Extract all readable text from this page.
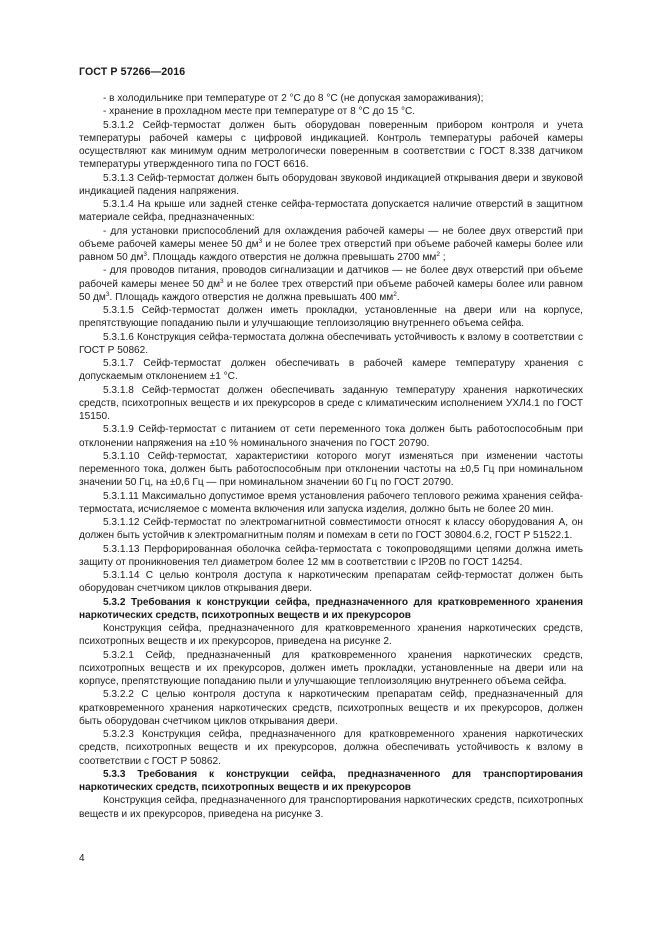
ГОСТ Р 57266—2016

- в холодильнике при температуре от 2 °С до 8 °С (не допуская замораживания);

- хранение в прохладном месте при температуре от 8 °С до 15 °С.

5.3.1.2 Сейф-термостат должен быть оборудован поверенным прибором контроля и учета температуры рабочей камеры с цифровой индикацией. Контроль температуры рабочей камеры осуществляют как минимум одним метрологически поверенным в соответствии с ГОСТ 8.338 датчиком температуры утвержденного типа по ГОСТ 6616.

5.3.1.3 Сейф-термостат должен быть оборудован звуковой индикацией открывания двери и звуковой индикацией падения напряжения.

5.3.1.4 На крыше или задней стенке сейфа-термостата допускается наличие отверстий в защитном материале сейфа, предназначенных:

- для установки приспособлений для охлаждения рабочей камеры — не более двух отверстий при объеме рабочей камеры менее 50 $дм^3$ и не более трех отверстий при объеме рабочей камеры более или равном 50 $дм^3$. Площадь каждого отверстия не должна превышать 2700 $мм^2$ ;

- для проводов питания, проводов сигнализации и датчиков — не более двух отверстий при объеме рабочей камеры менее 50 $дм^3$ и не более трех отверстий при объеме рабочей камеры более или равном 50 $дм^3$. Площадь каждого отверстия не должна превышать 400 $мм^2$.

5.3.1.5 Сейф-термостат должен иметь прокладки, установленные на двери или на корпусе, препятствующие попаданию пыли и улучшающие теплоизоляцию внутреннего объема сейфа.

5.3.1.6 Конструкция сейфа-термостата должна обеспечивать устойчивость к взлому в соответствии с ГОСТ Р 50862.

5.3.1.7 Сейф-термостат должен обеспечивать в рабочей камере температуру хранения с допускаемым отклонением ±1 °С.

5.3.1.8 Сейф-термостат должен обеспечивать заданную температуру хранения наркотических средств, психотропных веществ и их прекурсоров в среде с климатическим исполнением УХЛ4.1 по ГОСТ 15150.

5.3.1.9 Сейф-термостат с питанием от сети переменного тока должен быть работоспособным при отклонении напряжения на ±10 % номинального значения по ГОСТ 20790.

5.3.1.10 Сейф-термостат, характеристики которого могут изменяться при изменении частоты переменного тока, должен быть работоспособным при отклонении частоты на ±0,5 Гц при номинальном значении 50 Гц, на ±0,6 Гц — при номинальном значении 60 Гц по ГОСТ 20790.

5.3.1.11 Максимально допустимое время установления рабочего теплового режима хранения сейфа-термостата, исчисляемое с момента включения или запуска изделия, должно быть не более 20 мин.

5.3.1.12 Сейф-термостат по электромагнитной совместимости относят к классу оборудования А, он должен быть устойчив к электромагнитным полям и помехам в сети по ГОСТ 30804.6.2, ГОСТ Р 51522.1.

5.3.1.13 Перфорированная оболочка сейфа-термостата с токопроводящими цепями должна иметь защиту от проникновения тел диаметром более 12 мм в соответствии с IP20В по ГОСТ 14254.

5.3.1.14 С целью контроля доступа к наркотическим препаратам сейф-термостат должен быть оборудован счетчиком циклов открывания двери.

5.3.2 Требования к конструкции сейфа, предназначенного для кратковременного хранения наркотических средств, психотропных веществ и их прекурсоров

Конструкция сейфа, предназначенного для кратковременного хранения наркотических средств, психотропных веществ и их прекурсоров, приведена на рисунке 2.

5.3.2.1 Сейф, предназначенный для кратковременного хранения наркотических средств, психотропных веществ и их прекурсоров, должен иметь прокладки, установленные на двери или на корпусе, препятствующие попаданию пыли и улучшающие теплоизоляцию внутреннего объема сейфа.

5.3.2.2 С целью контроля доступа к наркотическим препаратам сейф, предназначенный для кратковременного хранения наркотических средств, психотропных веществ и их прекурсоров, должен быть оборудован счетчиком циклов открывания двери.

5.3.2.3 Конструкция сейфа, предназначенного для кратковременного хранения наркотических средств, психотропных веществ и их прекурсоров, должна обеспечивать устойчивость к взлому в соответствии с ГОСТ Р 50862.

5.3.3 Требования к конструкции сейфа, предназначенного для транспортирования наркотических средств, психотропных веществ и их прекурсоров

Конструкция сейфа, предназначенного для транспортирования наркотических средств, психотропных веществ и их прекурсоров, приведена на рисунке 3.

4
